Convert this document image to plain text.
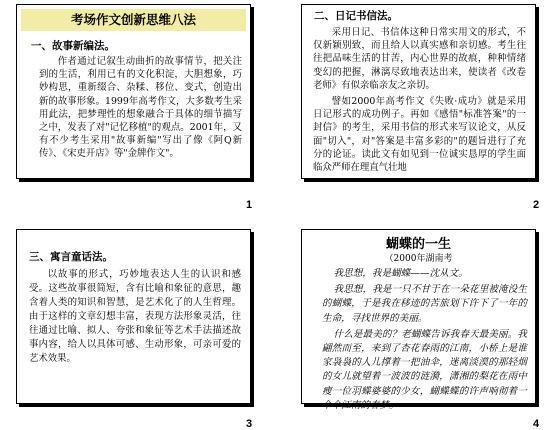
考场作文创新思维八法
一、故事新编法。
作者通过记叙生动曲折的故事情节，把关注到的生活，利用已有的文化积淀，大胆想象，巧妙构思，重新缀合、杂糅、移位、变式，创造出新的故事形象。1999年高考作文，大多数考生采用此法，把梦理性的想象融合于具体的细节描写之中，发表了对"记忆移植"的观点。2001年，又有不少考生采用"故事新编"写出了像《阿Q新传》、《宋吏开店》等"金牌作文"。
1
二、日记书信法。
采用日记、书信体这种日常实用文的形式，不仅新颖别致，而且给人以真实感和亲切感。考生往往把品味生活的甘苦，内心世界的故痕，种种情绪变幻的把握，淋漓尽致地表达出来，使读者《改卷老师》有似亲临亲友之亲切。
譬如2000年高考作文《失败·成功》就是采用日记形式的成功例子。再如《感悟"标准答案"的一封信》的考生，采用书信的形式来写议论文，从反面"切入"，对"答案是丰富多彩的"的题旨进行了充分的论证。读此文有如见到一位诚实恳厚的学生面临众严师在理直气壮地
2
三、寓言童话法。
以故事的形式，巧妙地表达人生的认识和感受。这些故事很简短，含有比喻和象征的意思，趣含着人类的知识和智慧，是艺术化了的人生哲理。由于这样的文章幻想丰富，表现方法形象灵活，往往通过比喻、拟人、夸张和象征等艺术手法描述故事内容，给人以具体可感、生动形象，可亲可爱的艺术效果。
3
蝴蝶的一生
（2000年湖南考

我思想，我是蝴蝶——沈从文。

我思想，我是一只不甘于在一朵花里被淹没生的蝴蝶，于是我在移迹的苦旅划下许下了一年的生命，寻找世界的美丽。

什么是最美的？老蝴蝶告诉我春天最美丽。我翩然而至，来到了杏花春雨的江南，小桥上是谁家袅袅的人儿撑着一把油伞，迷离淡漠的那轻烟的女儿就望着一波波的涟漪，潇湘的梨花在雨中瘦一位羽蝶婆婆的少女，蝴蝶蝶的许声响彻着一个个江南的春梦。

4
